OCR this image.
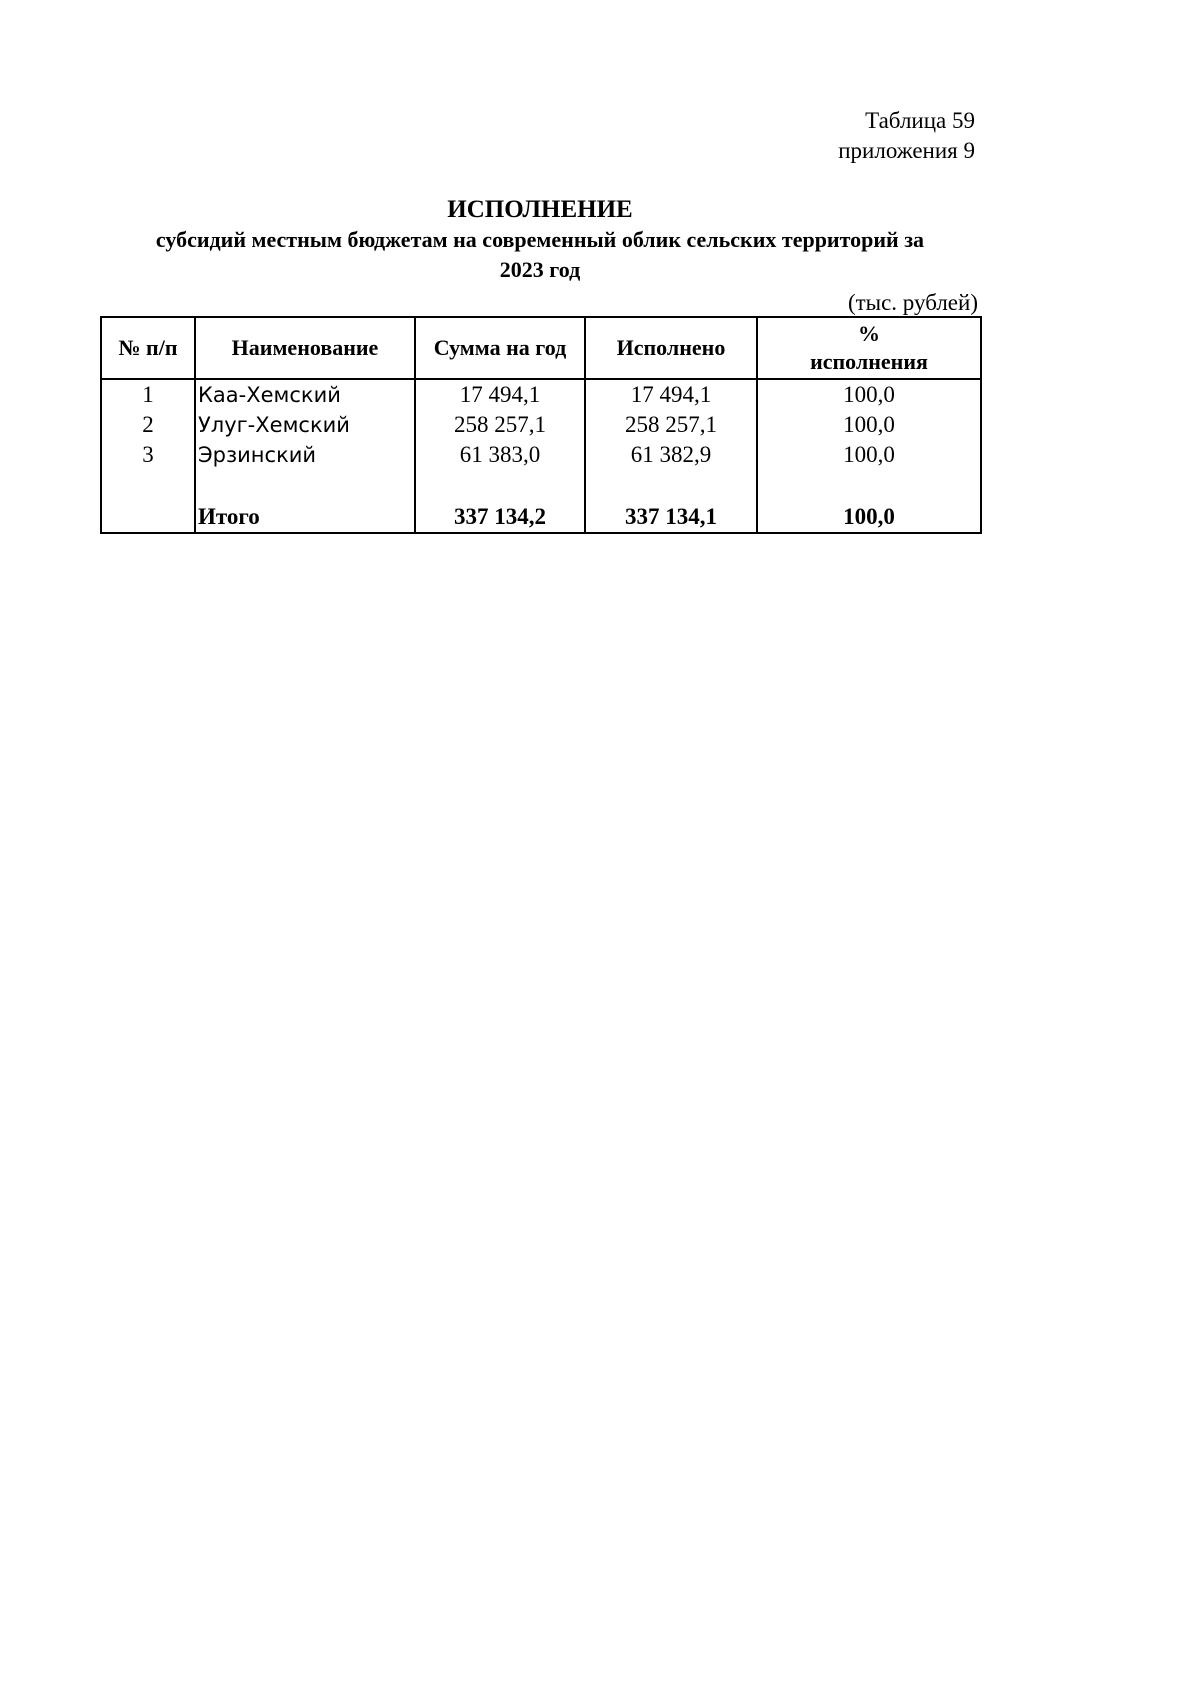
Таблица 59
приложения 9
ИСПОЛНЕНИЕ
субсидий местным бюджетам на современный облик сельских территорий за
2023 год
(тыс. рублей)
№ п/п	Наименование	Сумма на год	Исполнено	%
исполнения

1	Каа-Хемский	17 494,1	17 494,1	100,0
2	Улуг-Хемский	258 257,1	258 257,1	100,0
3	Эрзинский	61 383,0	61 382,9	100,0

	Итого	337 134,2	337 134,1	100,0
